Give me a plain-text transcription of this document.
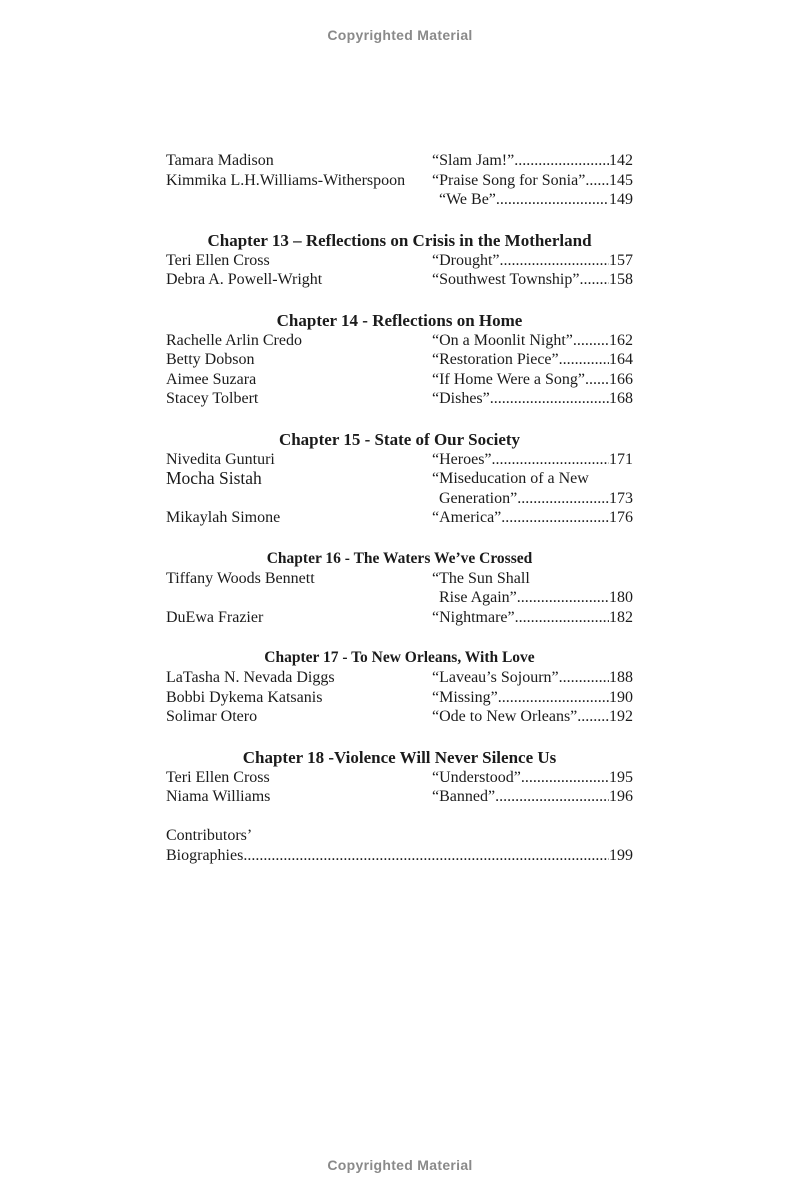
Copyrighted Material
Tamara Madison	“Slam Jam!” .....	142
Kimmika L.H.Williams-Witherspoon	“Praise Song for Sonia” ..... 145
“We Be” .....	149
Chapter 13 – Reflections on Crisis in the Motherland
Teri Ellen Cross	“Drought” .....	157
Debra A. Powell-Wright	“Southwest Township” ..... 158
Chapter 14 - Reflections on Home
Rachelle Arlin Credo	“On a Moonlit Night” ..... 162
Betty Dobson	“Restoration Piece” .....	164
Aimee Suzara	“If Home Were a Song” ..... 166
Stacey Tolbert	“Dishes” .....	168
Chapter 15 - State of Our Society
Nivedita Gunturi	“Heroes” .....	171
Mocha Sistah	“Miseducation of a New
Generation” .....	173
Mikaylah Simone	“America” .....	176
Chapter 16 - The Waters We’ve Crossed
Tiffany Woods Bennett	“The Sun Shall
Rise Again” .....	180
DuEwa Frazier	“Nightmare” .....	182
Chapter 17 - To New Orleans, With Love
LaTasha N. Nevada Diggs	“Laveau’s Sojourn” .....	188
Bobbi Dykema Katsanis	“Missing” .....	190
Solimar Otero	“Ode to New Orleans” ..... 192
Chapter 18 -Violence Will Never Silence Us
Teri Ellen Cross	“Understood” .....	195
Niama Williams	“Banned” .....	196
Contributors’
Biographies .....	199
Copyrighted Material
